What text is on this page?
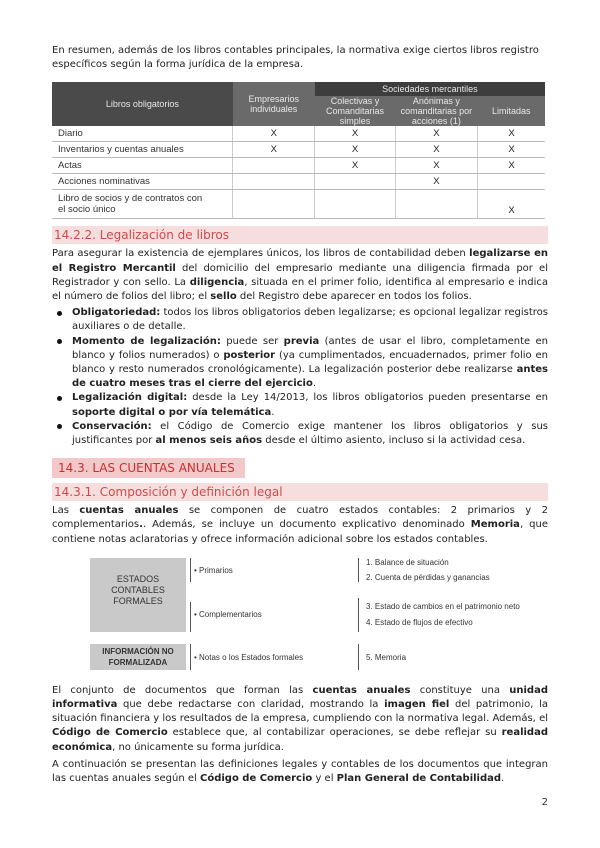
En resumen, además de los libros contables principales, la normativa exige ciertos libros registro específicos según la forma jurídica de la empresa.

Libros obligatorios	Empresarios individuales	Sociedades mercantiles		
		Colectivas y Comanditarias simples	Anónimas y comanditarias por acciones (1)	Limitadas
Diario	X	X	X	X
Inventarios y cuentas anuales	X	X	X	X
Actas		X	X	X
Acciones nominativas			X	
Libro de socios y de contratos con el socio único				X
14.2.2. Legalización de libros

Para asegurar la existencia de ejemplares únicos, los libros de contabilidad deben legalizarse en el Registro Mercantil del domicilio del empresario mediante una diligencia firmada por el Registrador y con sello. La diligencia, situada en el primer folio, identifica al empresario e indica el número de folios del libro; el sello del Registro debe aparecer en todos los folios.

Obligatoriedad: todos los libros obligatorios deben legalizarse; es opcional legalizar registros auxiliares o de detalle.
Momento de legalización: puede ser previa (antes de usar el libro, completamente en blanco y folios numerados) o posterior (ya cumplimentados, encuadernados, primer folio en blanco y resto numerados cronológicamente). La legalización posterior debe realizarse antes de cuatro meses tras el cierre del ejercicio.
Legalización digital: desde la Ley 14/2013, los libros obligatorios pueden presentarse en soporte digital o por vía telemática.
Conservación: el Código de Comercio exige mantener los libros obligatorios y sus justificantes por al menos seis años desde el último asiento, incluso si la actividad cesa.
14.3. LAS CUENTAS ANUALES
14.3.1. Composición y definición legal

Las cuentas anuales se componen de cuatro estados contables: 2 primarios y 2 complementarios.. Además, se incluye un documento explicativo denominado Memoria, que contiene notas aclaratorias y ofrece información adicional sobre los estados contables.

ESTADOS CONTABLES FORMALES
INFORMACIÓN NO FORMALIZADA
• Primarios
• Complementarios
• Notas o los Estados formales
1. Balance de situación
2. Cuenta de pérdidas y ganancias
3. Estado de cambios en el patrimonio neto
4. Estado de flujos de efectivo
5. Memoria

El conjunto de documentos que forman las cuentas anuales constituye una unidad informativa que debe redactarse con claridad, mostrando la imagen fiel del patrimonio, la situación financiera y los resultados de la empresa, cumpliendo con la normativa legal. Además, el Código de Comercio establece que, al contabilizar operaciones, se debe reflejar su realidad económica, no únicamente su forma jurídica.

A continuación se presentan las definiciones legales y contables de los documentos que integran las cuentas anuales según el Código de Comercio y el Plan General de Contabilidad.

2
